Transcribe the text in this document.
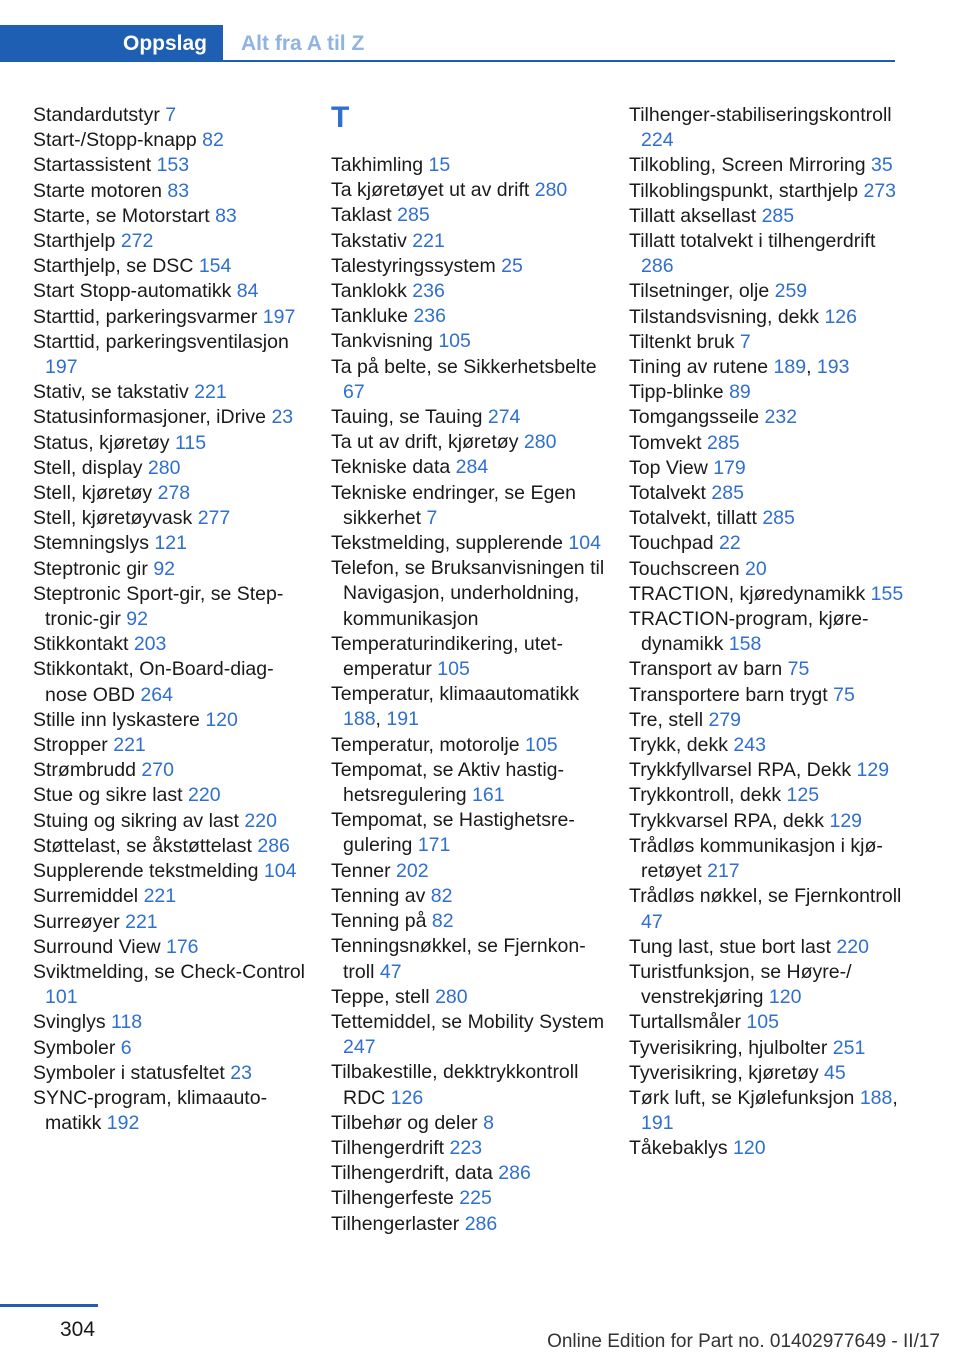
Oppslag	Alt fra A til Z
Standardutstyr 7
Start-/Stopp-knapp 82
Startassistent 153
Starte motoren 83
Starte, se Motorstart 83
Starthjelp 272
Starthjelp, se DSC 154
Start Stopp-automatikk 84
Starttid, parkeringsvarmer 197
Starttid, parkeringsventilasjon 197
Stativ, se takstativ 221
Statusinformasjoner, iDrive 23
Status, kjøretøy 115
Stell, display 280
Stell, kjøretøy 278
Stell, kjøretøyvask 277
Stemningslys 121
Steptronic gir 92
Steptronic Sport-gir, se Steptronic-gir 92
Stikkontakt 203
Stikkontakt, On-Board-diagnose OBD 264
Stille inn lyskastere 120
Stropper 221
Strømbrudd 270
Stue og sikre last 220
Stuing og sikring av last 220
Støttelast, se åkstøttelast 286
Supplerende tekstmelding 104
Surremiddel 221
Surreøyer 221
Surround View 176
Sviktmelding, se Check-Control 101
Svinglys 118
Symboler 6
Symboler i statusfeltet 23
SYNC-program, klimaautomatikk 192
T
Takhimling 15
Ta kjøretøyet ut av drift 280
Taklast 285
Takstativ 221
Talestyringssystem 25
Tanklokk 236
Tankluke 236
Tankvisning 105
Ta på belte, se Sikkerhetsbelte 67
Tauing, se Tauing 274
Ta ut av drift, kjøretøy 280
Tekniske data 284
Tekniske endringer, se Egen sikkerhet 7
Tekstmelding, supplerende 104
Telefon, se Bruksanvisningen til Navigasjon, underholdning, kommunikasjon
Temperaturindikering, utetemperatur 105
Temperatur, klimaautomatikk 188, 191
Temperatur, motorolje 105
Tempomat, se Aktiv hastighetsregulering 161
Tempomat, se Hastighetsregulering 171
Tenner 202
Tenning av 82
Tenning på 82
Tenningsnøkkel, se Fjernkontroll 47
Teppe, stell 280
Tettemiddel, se Mobility System 247
Tilbakestille, dekktrykkontroll RDC 126
Tilbehør og deler 8
Tilhengerdrift 223
Tilhengerdrift, data 286
Tilhengerfeste 225
Tilhengerlaster 286
Tilhenger-stabiliseringskontroll 224
Tilkobling, Screen Mirroring 35
Tilkoblingspunkt, starthjelp 273
Tillatt aksellast 285
Tillatt totalvekt i tilhengerdrift 286
Tilsetninger, olje 259
Tilstandsvisning, dekk 126
Tiltenkt bruk 7
Tining av rutene 189, 193
Tipp-blinke 89
Tomgangsseile 232
Tomvekt 285
Top View 179
Totalvekt 285
Totalvekt, tillatt 285
Touchpad 22
Touchscreen 20
TRACTION, kjøredynamikk 155
TRACTION-program, kjøredynamikk 158
Transport av barn 75
Transportere barn trygt 75
Tre, stell 279
Trykk, dekk 243
Trykkfyllvarsel RPA, Dekk 129
Trykkontroll, dekk 125
Trykkvarsel RPA, dekk 129
Trådløs kommunikasjon i kjøretøyet 217
Trådløs nøkkel, se Fjernkontroll 47
Tung last, stue bort last 220
Turistfunksjon, se Høyre-/ venstrekjøring 120
Turtallsmåler 105
Tyverisikring, hjulbolter 251
Tyverisikring, kjøretøy 45
Tørk luft, se Kjølefunksjon 188, 191
Tåkebaklys 120
304
Online Edition for Part no. 01402977649 - II/17
